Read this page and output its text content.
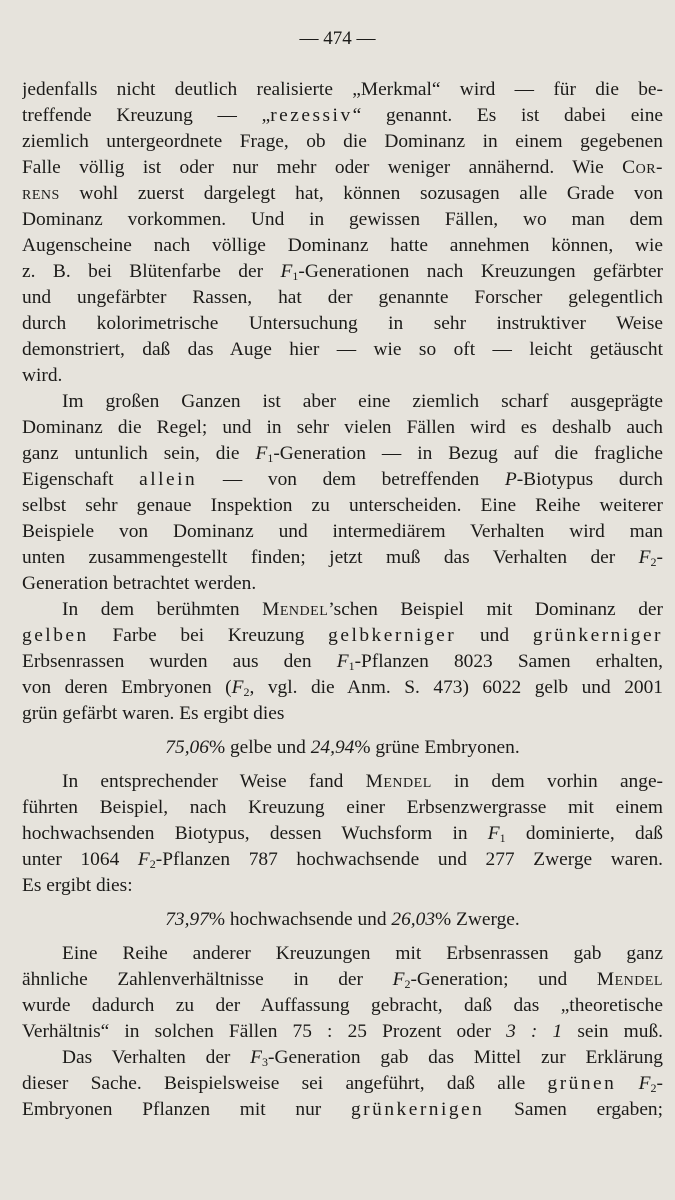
— 474 —
jedenfalls nicht deutlich realisierte „Merkmal“ wird — für die be-
treffende Kreuzung — „rezessiv“ genannt. Es ist dabei eine
ziemlich untergeordnete Frage, ob die Dominanz in einem gegebenen
Falle völlig ist oder nur mehr oder weniger annähernd. Wie Cor-
rens wohl zuerst dargelegt hat, können sozusagen alle Grade von
Dominanz vorkommen. Und in gewissen Fällen, wo man dem
Augenscheine nach völlige Dominanz hatte annehmen können, wie
z. B. bei Blütenfarbe der $F_1$-Generationen nach Kreuzungen gefärbter
und ungefärbter Rassen, hat der genannte Forscher gelegentlich
durch kolorimetrische Untersuchung in sehr instruktiver Weise
demonstriert, daß das Auge hier — wie so oft — leicht getäuscht
wird.
Im großen Ganzen ist aber eine ziemlich scharf ausgeprägte
Dominanz die Regel; und in sehr vielen Fällen wird es deshalb auch
ganz untunlich sein, die $F_1$-Generation — in Bezug auf die fragliche
Eigenschaft allein — von dem betreffenden P-Biotypus durch
selbst sehr genaue Inspektion zu unterscheiden. Eine Reihe weiterer
Beispiele von Dominanz und intermediärem Verhalten wird man
unten zusammengestellt finden; jetzt muß das Verhalten der $F_2-$
Generation betrachtet werden.
In dem berühmten Mendel’schen Beispiel mit Dominanz der
gelben Farbe bei Kreuzung gelbkerniger und grünkerniger
Erbsenrassen wurden aus den $F_1$-Pflanzen 8023 Samen erhalten,
von deren Embryonen ($F_2$, vgl. die Anm. S. 473) 6022 gelb und 2001
grün gefärbt waren. Es ergibt dies
75,06% gelbe und 24,94% grüne Embryonen.
In entsprechender Weise fand Mendel in dem vorhin ange-
führten Beispiel, nach Kreuzung einer Erbsenzwergrasse mit einem
hochwachsenden Biotypus, dessen Wuchsform in $F_1$ dominierte, daß
unter 1064 $F_2$-Pflanzen 787 hochwachsende und 277 Zwerge waren.
Es ergibt dies:
73,97% hochwachsende und 26,03% Zwerge.
Eine Reihe anderer Kreuzungen mit Erbsenrassen gab ganz
ähnliche Zahlenverhältnisse in der $F_2$-Generation; und Mendel
wurde dadurch zu der Auffassung gebracht, daß das „theoretische
Verhältnis“ in solchen Fällen 75 : 25 Prozent oder 3 : 1 sein muß.
Das Verhalten der $F_3$-Generation gab das Mittel zur Erklärung
dieser Sache. Beispielsweise sei angeführt, daß alle grünen $F_2-$
Embryonen Pflanzen mit nur grünkernigen Samen ergaben;
